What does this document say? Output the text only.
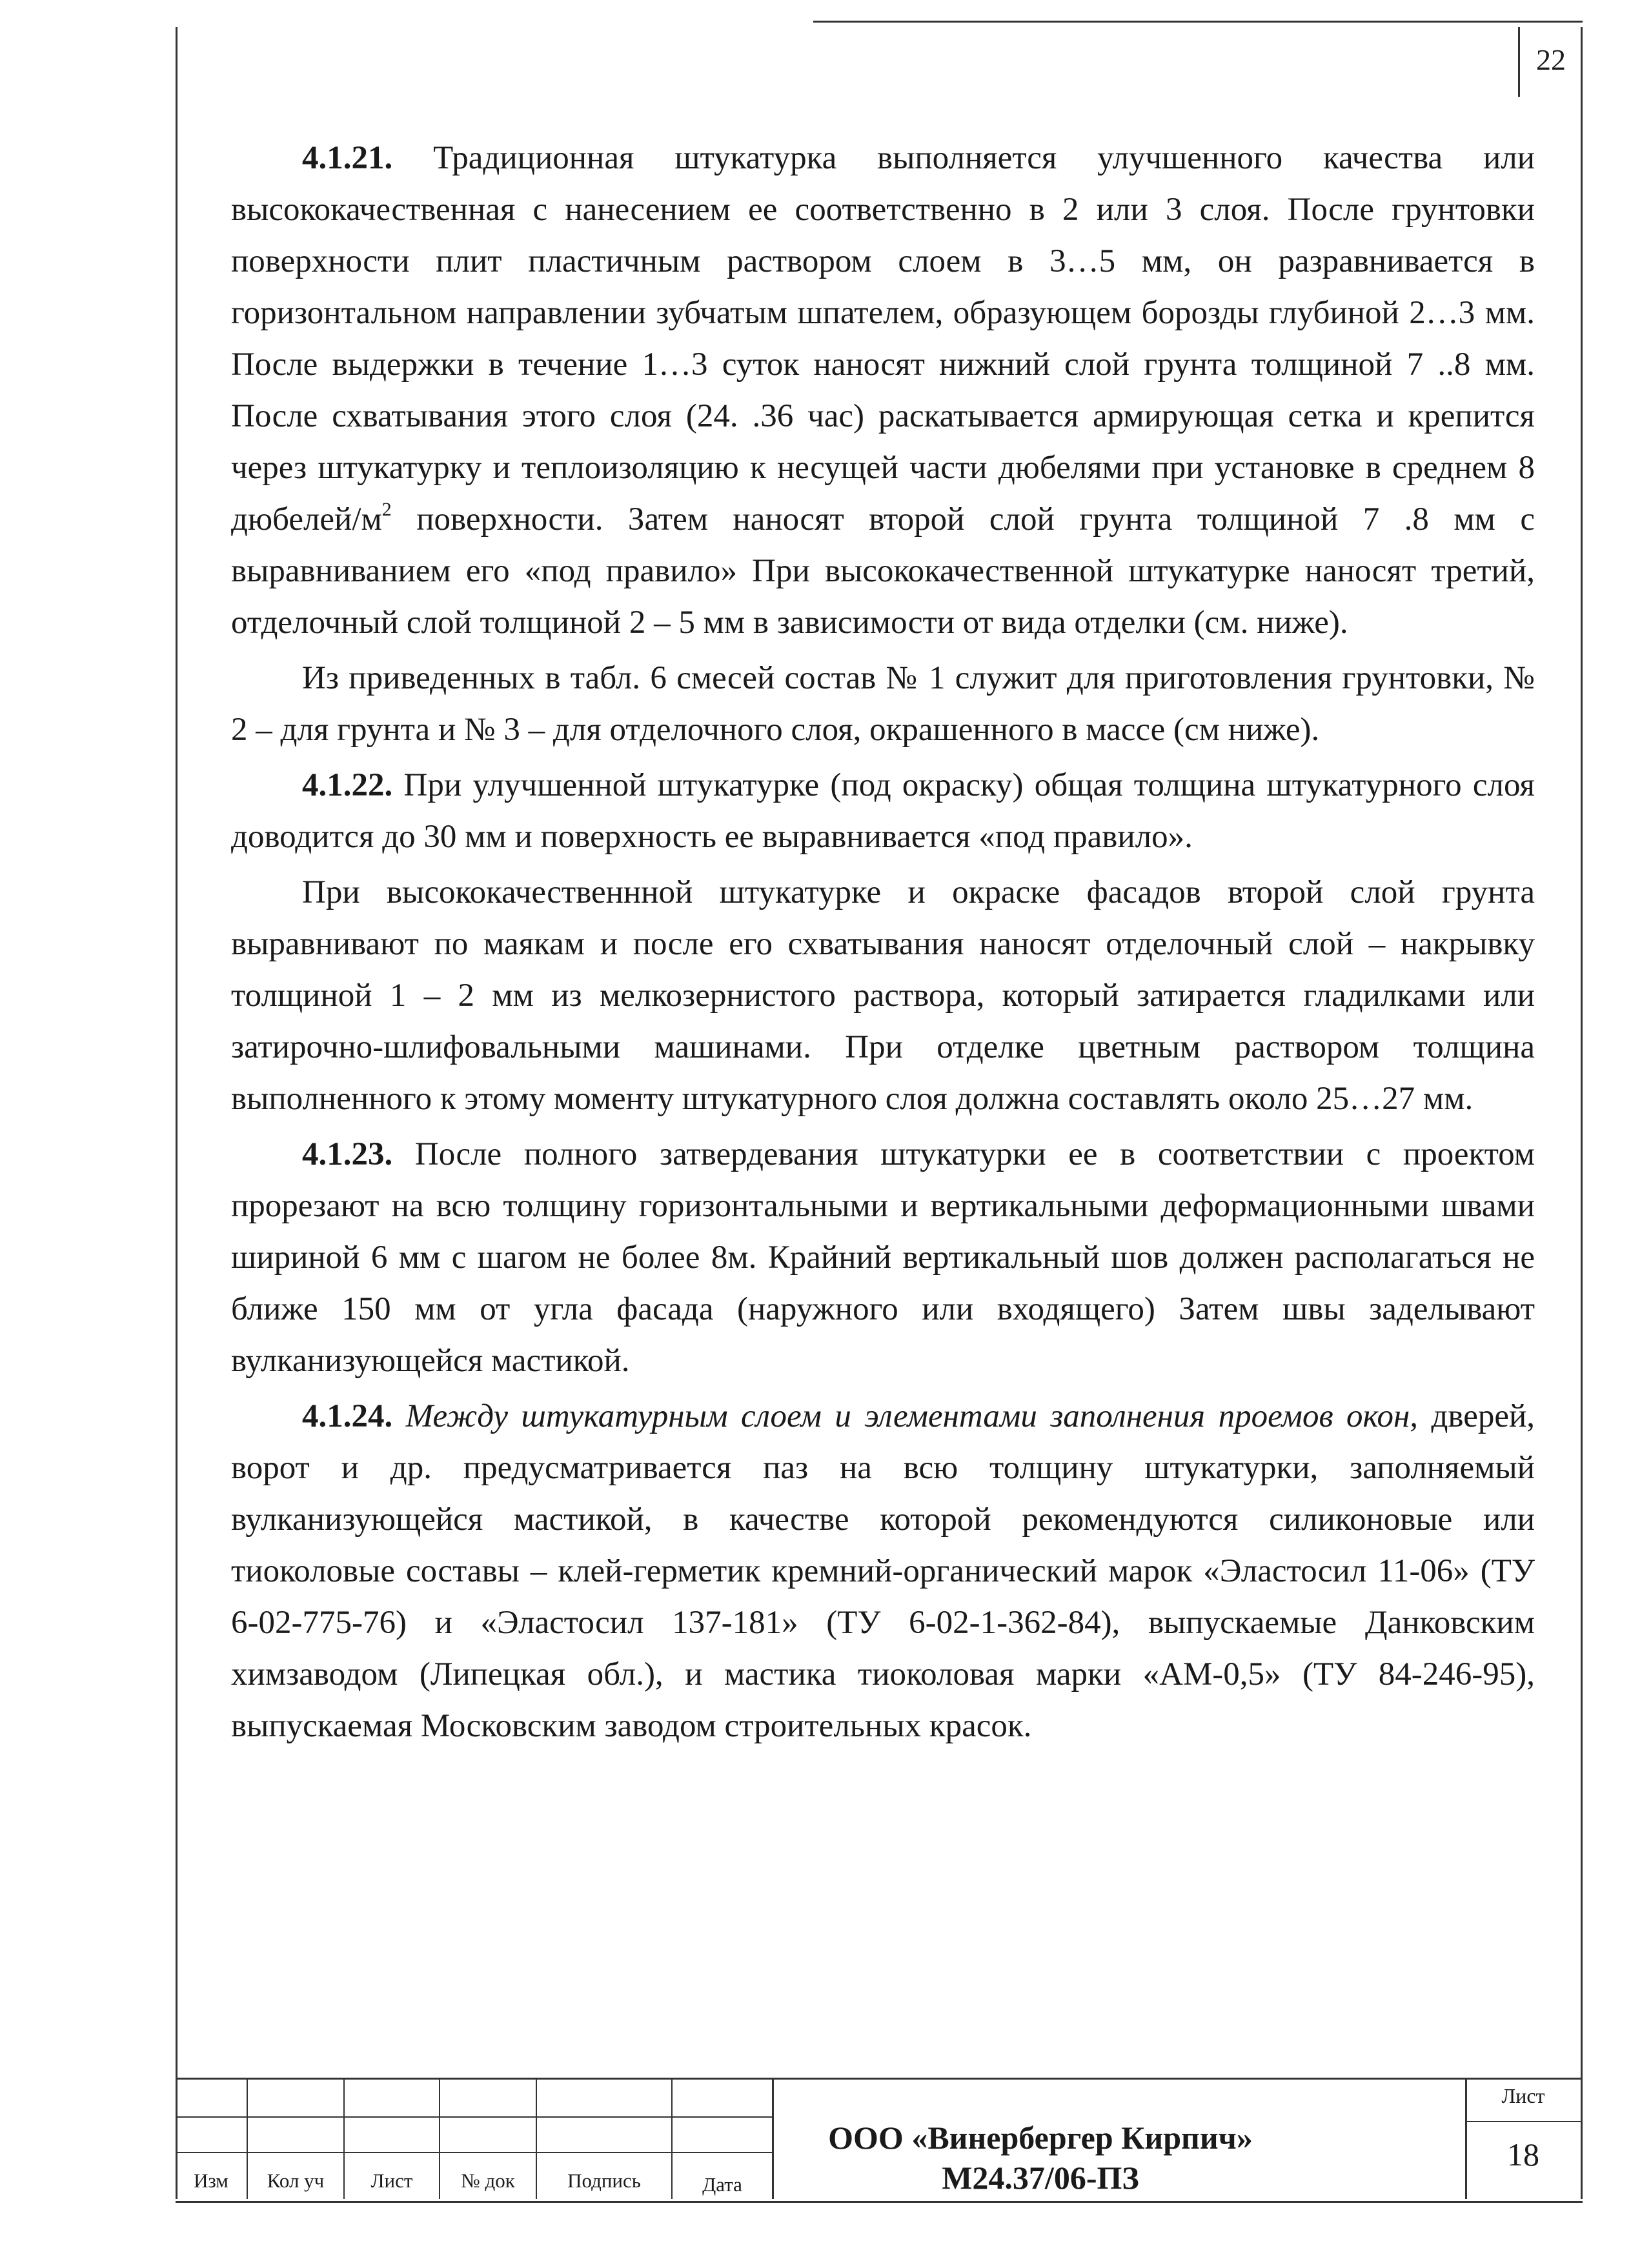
22

4.1.21. Традиционная штукатурка выполняется улучшенного качества или высококачественная с нанесением ее соответственно в 2 или 3 слоя. После грунтовки поверхности плит пластичным раствором слоем в 3…5 мм, он разравнивается в горизонтальном направлении зубчатым шпателем, образующем борозды глубиной 2…3 мм. После выдержки в течение 1…3 суток наносят нижний слой грунта толщиной 7 ..8 мм. После схватывания этого слоя (24. .36 час) раскатывается армирующая сетка и крепится через штукатурку и теплоизоляцию к несущей части дюбелями при установке в среднем 8 дюбелей/$м^2$ поверхности. Затем наносят второй слой грунта толщиной 7 .8 мм с выравниванием его «под правило» При высококачественной штукатурке наносят третий, отделочный слой толщиной 2 – 5 мм в зависимости от вида отделки (см. ниже).

Из приведенных в табл. 6 смесей состав № 1 служит для приготовления грунтовки, № 2 – для грунта и № 3 – для отделочного слоя, окрашенного в массе (см ниже).

4.1.22. При улучшенной штукатурке (под окраску) общая толщина штукатурного слоя доводится до 30 мм и поверхность ее выравнивается «под правило».

При высококачественнной штукатурке и окраске фасадов второй слой грунта выравнивают по маякам и после его схватывания наносят отделочный слой – накрывку толщиной 1 – 2 мм из мелкозернистого раствора, который затирается гладилками или затирочно-шлифовальными машинами. При отделке цветным раствором толщина выполненного к этому моменту штукатурного слоя должна составлять около 25…27 мм.

4.1.23. После полного затвердевания штукатурки ее в соответствии с проектом прорезают на всю толщину горизонтальными и вертикальными деформационными швами шириной 6 мм с шагом не более 8м. Крайний вертикальный шов должен располагаться не ближе 150 мм от угла фасада (наружного или входящего) Затем швы заделывают вулканизующейся мастикой.

4.1.24. Между штукатурным слоем и элементами заполнения проемов окон, дверей, ворот и др. предусматривается паз на всю толщину штукатурки, заполняемый вулканизующейся мастикой, в качестве которой рекомендуются силиконовые или тиоколовые составы – клей-герметик кремний-органический марок «Эластосил 11-06» (ТУ 6-02-775-76) и «Эластосил 137-181» (ТУ 6-02-1-362-84), выпускаемые Данковским химзаводом (Липецкая обл.), и мастика тиоколовая марки «АМ-0,5» (ТУ 84-246-95), выпускаемая Московским заводом строительных красок.

Изм	Кол уч	Лист	№ док	Подпись	Дата
ООО «Винербергер Кирпич»
М24.37/06-ПЗ
Лист
18
